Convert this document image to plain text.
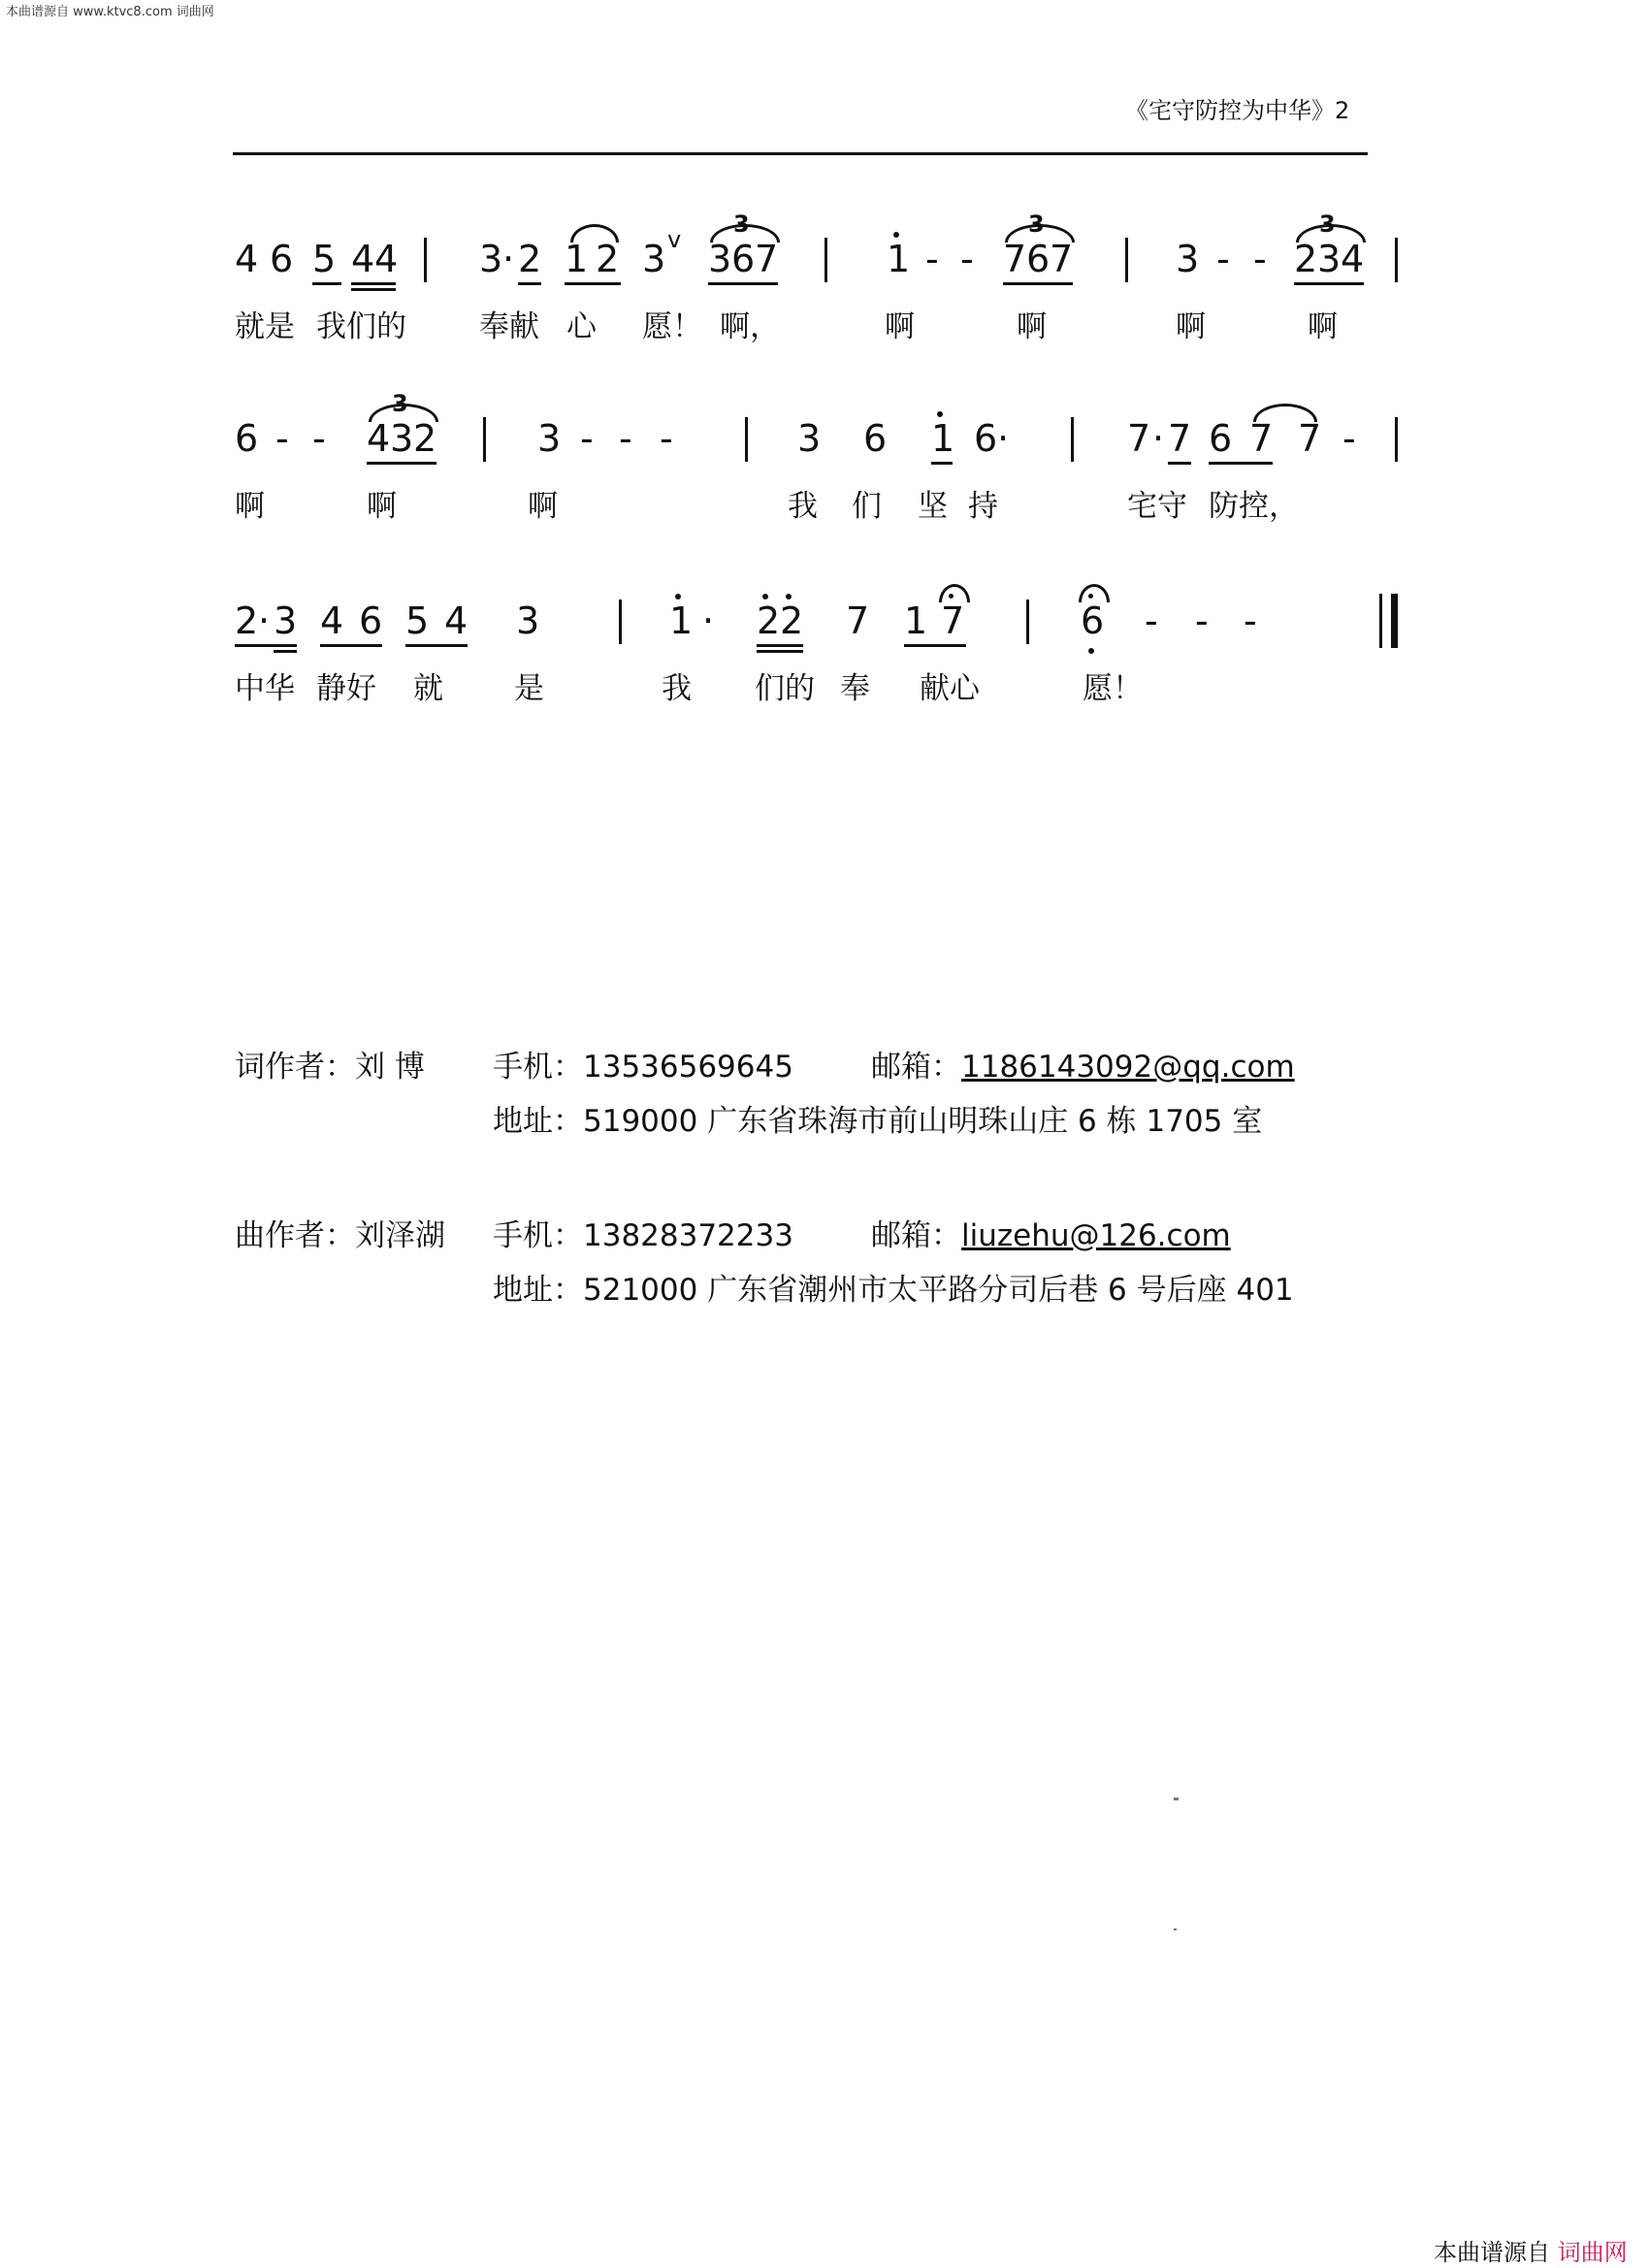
本曲谱源自 www.ktvc8.com 词曲网
《宅守防控为中华》2
4 6 5 4 4 3 · 2 1 2 3 3 6 7	1 - - 7 6 7	3 - - 2 3 4
3	3	3
v
就是 我们的 奉献 心 愿！ 啊，	啊	啊	啊	啊
6 - - 4 3 2	3 - - -	3 6 1 6 ·	7 · 7 6 7 7 -
3
啊	啊	啊	我 们 坚 持	宅守 防控，
2 · 3 4 6 5 4 3	1 · 2 2 7 1 7	6 - - -
中华 静好 就 是	我 们的 奉 献心	愿！
词作者：刘 博 手机：13536569645	邮箱：1186143092@qq.com
地址：519000 广东省珠海市前山明珠山庄 6 栋 1705 室
曲作者：刘泽湖 手机：13828372233	邮箱：liuzehu@126.com
地址：521000 广东省潮州市太平路分司后巷 6 号后座 401
本曲谱源自 词曲网
